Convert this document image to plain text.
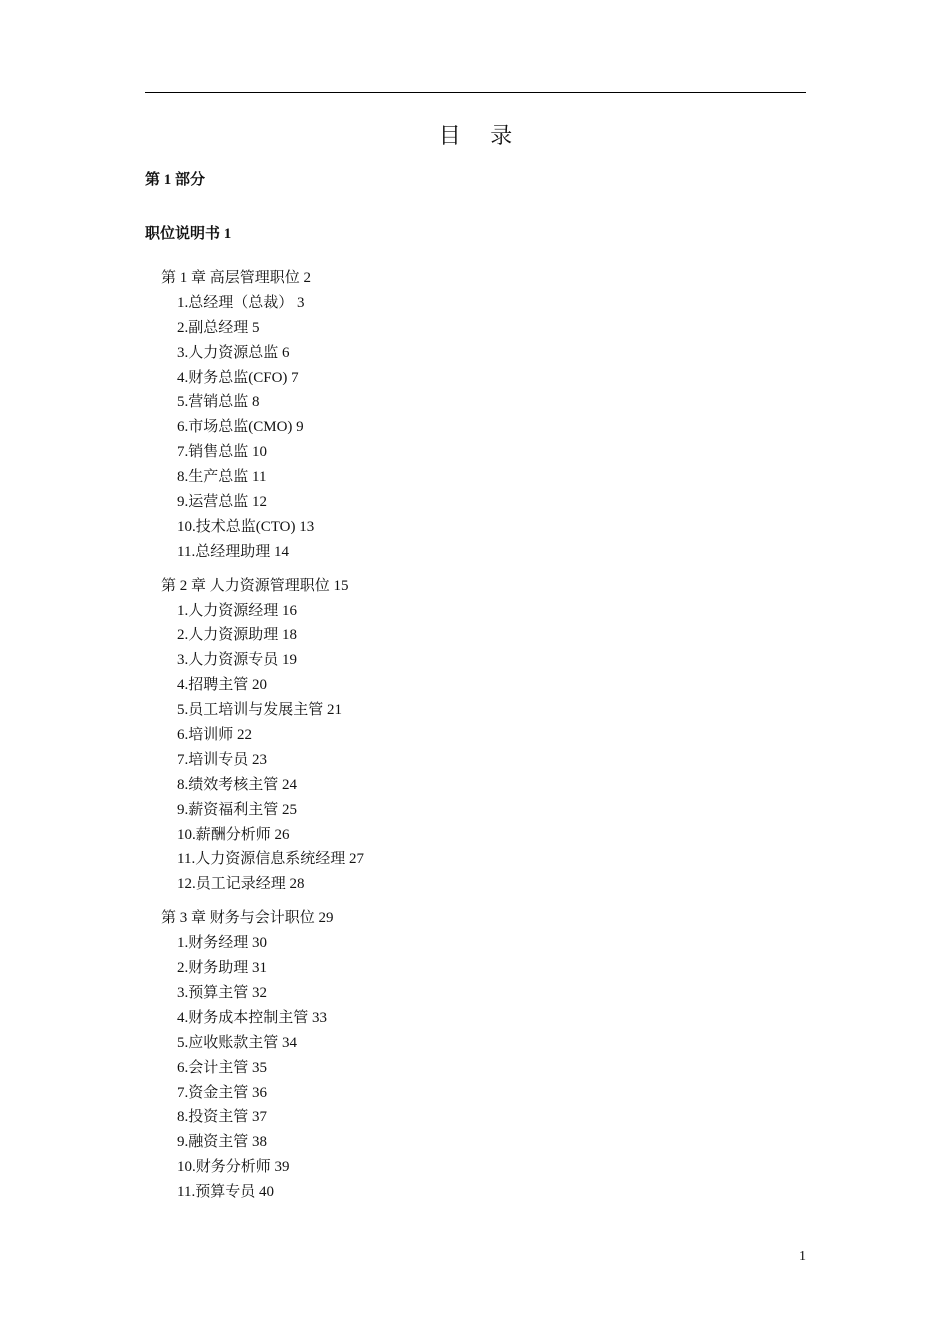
目 录
第 1 部分
职位说明书 1
第 1 章 高层管理职位 2
1.总经理（总裁） 3
2.副总经理 5
3.人力资源总监 6
4.财务总监(CFO) 7
5.营销总监 8
6.市场总监(CMO) 9
7.销售总监 10
8.生产总监 11
9.运营总监 12
10.技术总监(CTO) 13
11.总经理助理 14
第 2 章 人力资源管理职位 15
1.人力资源经理 16
2.人力资源助理 18
3.人力资源专员 19
4.招聘主管 20
5.员工培训与发展主管 21
6.培训师 22
7.培训专员 23
8.绩效考核主管 24
9.薪资福利主管 25
10.薪酬分析师 26
11.人力资源信息系统经理 27
12.员工记录经理 28
第 3 章 财务与会计职位 29
1.财务经理 30
2.财务助理 31
3.预算主管 32
4.财务成本控制主管 33
5.应收账款主管 34
6.会计主管 35
7.资金主管 36
8.投资主管 37
9.融资主管 38
10.财务分析师 39
11.预算专员 40
1
